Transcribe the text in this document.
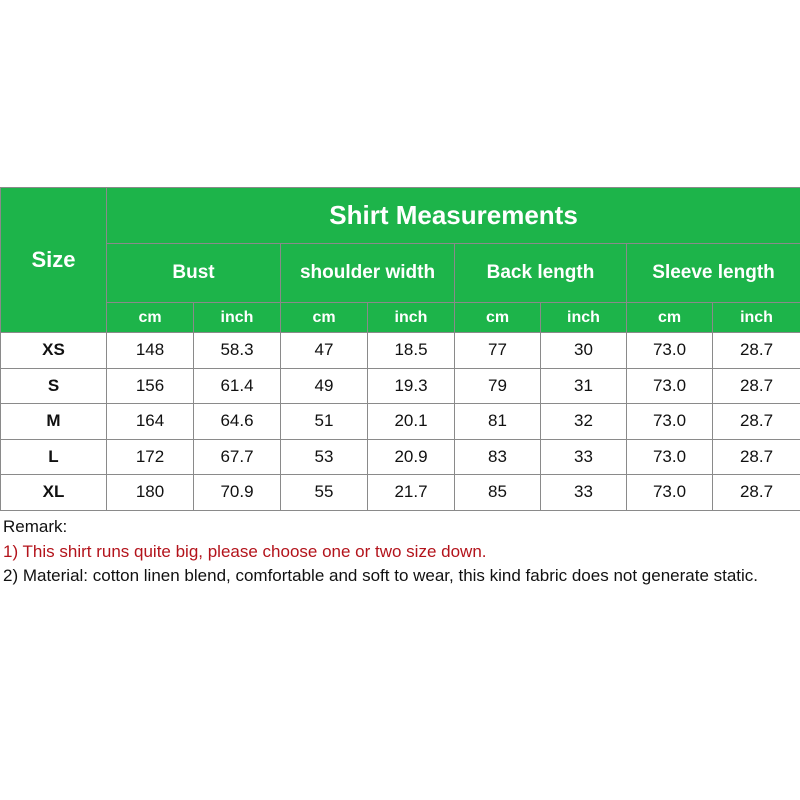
Size	Shirt Measurements							
	Bust		shoulder width		Back length		Sleeve length	
	cm	inch	cm	inch	cm	inch	cm	inch
XS	148	58.3	47	18.5	77	30	73.0	28.7
S	156	61.4	49	19.3	79	31	73.0	28.7
M	164	64.6	51	20.1	81	32	73.0	28.7
L	172	67.7	53	20.9	83	33	73.0	28.7
XL	180	70.9	55	21.7	85	33	73.0	28.7
Remark:
1) This shirt runs quite big, please choose one or two size down.
2) Material: cotton linen blend, comfortable and soft to wear, this kind fabric does not generate static.
